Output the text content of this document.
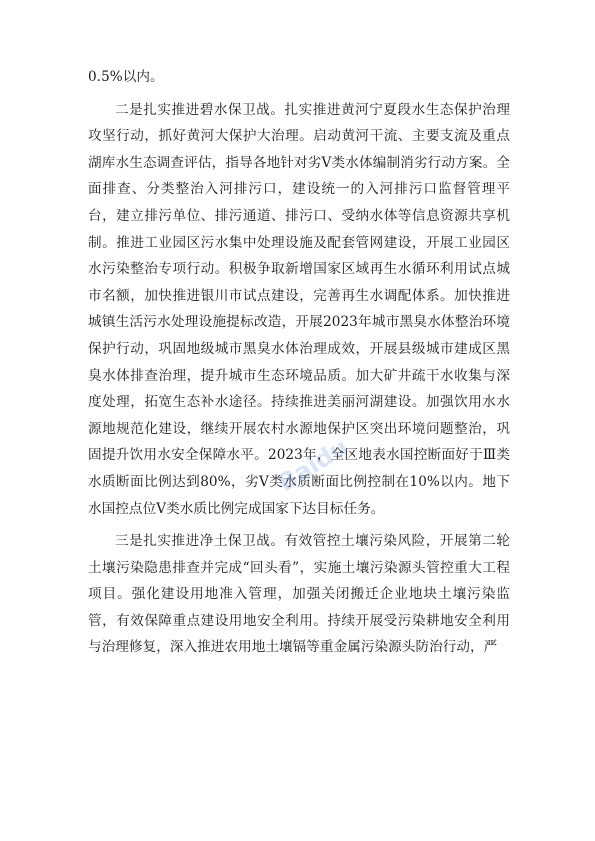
0.5%以内。

二是扎实推进碧水保卫战。扎实推进黄河宁夏段水生态保护治理攻坚行动，抓好黄河大保护大治理。启动黄河干流、主要支流及重点湖库水生态调查评估，指导各地针对劣Ⅴ类水体编制消劣行动方案。全面排查、分类整治入河排污口，建设统一的入河排污口监督管理平台，建立排污单位、排污通道、排污口、受纳水体等信息资源共享机制。推进工业园区污水集中处理设施及配套管网建设，开展工业园区水污染整治专项行动。积极争取新增国家区域再生水循环利用试点城市名额，加快推进银川市试点建设，完善再生水调配体系。加快推进城镇生活污水处理设施提标改造，开展2023年城市黑臭水体整治环境保护行动，巩固地级城市黑臭水体治理成效，开展县级城市建成区黑臭水体排查治理，提升城市生态环境品质。加大矿井疏干水收集与深度处理，拓宽生态补水途径。持续推进美丽河湖建设。加强饮用水水源地规范化建设，继续开展农村水源地保护区突出环境问题整治，巩固提升饮用水安全保障水平。2023年，全区地表水国控断面好于Ⅲ类水质断面比例达到80%，劣Ⅴ类水质断面比例控制在10%以内。地下水国控点位Ⅴ类水质比例完成国家下达目标任务。

三是扎实推进净土保卫战。有效管控土壤污染风险，开展第二轮土壤污染隐患排查并完成“回头看”，实施土壤污染源头管控重大工程项目。强化建设用地准入管理，加强关闭搬迁企业地块土壤污染监管，有效保障重点建设用地安全利用。持续开展受污染耕地安全利用与治理修复，深入推进农用地土壤镉等重金属污染源头防治行动，严

Baidu
